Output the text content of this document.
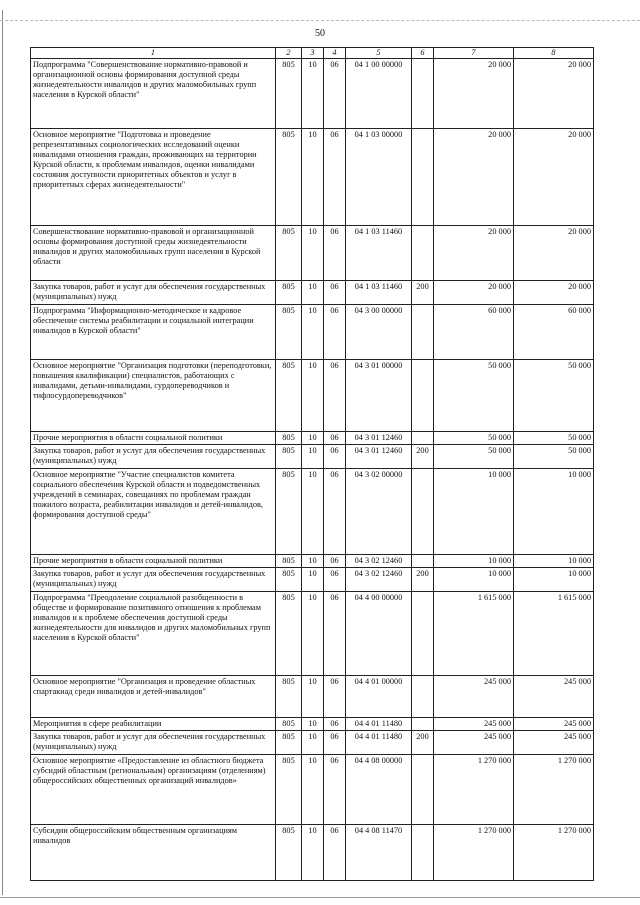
50
1	2	3	4	5	6	7	8
Подпрограмма "Совершенствование нормативно-правовой и организационной основы формирования доступной среды жизнедеятельности инвалидов и других маломобильных групп населения в Курской области"	805	10	06	04 1 00 00000		20 000	20 000
Основное мероприятие "Подготовка и проведение репрезентативных социологических исследований оценки инвалидами отношения граждан, проживающих на территории Курской области, к проблемам инвалидов, оценки инвалидами состояния доступности приоритетных объектов и услуг в приоритетных сферах жизнедеятельности"	805	10	06	04 1 03 00000		20 000	20 000
Совершенствование нормативно-правовой и организационной основы формирования доступной среды жизнедеятельности инвалидов и других маломобильных групп населения в Курской области	805	10	06	04 1 03 11460		20 000	20 000
Закупка товаров, работ и услуг для обеспечения государственных (муниципальных) нужд	805	10	06	04 1 03 11460	200	20 000	20 000
Подпрограмма "Информационно-методическое и кадровое обеспечение системы реабилитации и социальной интеграции инвалидов в Курской области"	805	10	06	04 3 00 00000		60 000	60 000
Основное мероприятие "Организация подготовки (переподготовки, повышения квалификации) специалистов, работающих с инвалидами, детьми-инвалидами, сурдопереводчиков и тифлосурдопереводчиков"	805	10	06	04 3 01 00000		50 000	50 000
Прочие мероприятия в области социальной политики	805	10	06	04 3 01 12460		50 000	50 000
Закупка товаров, работ и услуг для обеспечения государственных (муниципальных) нужд	805	10	06	04 3 01 12460	200	50 000	50 000
Основное мероприятие "Участие специалистов комитета социального обеспечения Курской области и подведомственных учреждений в семинарах, совещаниях по проблемам граждан пожилого возраста, реабилитации инвалидов и детей-инвалидов, формирования доступной среды"	805	10	06	04 3 02 00000		10 000	10 000
Прочие мероприятия в области социальной политики	805	10	06	04 3 02 12460		10 000	10 000
Закупка товаров, работ и услуг для обеспечения государственных (муниципальных) нужд	805	10	06	04 3 02 12460	200	10 000	10 000
Подпрограмма "Преодоление социальной разобщенности в обществе и формирование позитивного отношения к проблемам инвалидов и к проблеме обеспечения доступной среды жизнедеятельности для инвалидов и других маломобильных групп населения в Курской области"	805	10	06	04 4 00 00000		1 615 000	1 615 000
Основное мероприятие "Организация и проведение областных спартакиад среди инвалидов и детей-инвалидов"	805	10	06	04 4 01 00000		245 000	245 000
Мероприятия в сфере реабилитации	805	10	06	04 4 01 11480		245 000	245 000
Закупка товаров, работ и услуг для обеспечения государственных (муниципальных) нужд	805	10	06	04 4 01 11480	200	245 000	245 000
Основное мероприятие «Предоставление из областного бюджета субсидий областным (региональным) организациям (отделениям) общероссийских общественных организаций инвалидов»	805	10	06	04 4 08 00000		1 270 000	1 270 000
Субсидии общероссийским общественным организациям инвалидов	805	10	06	04 4 08 11470		1 270 000	1 270 000
